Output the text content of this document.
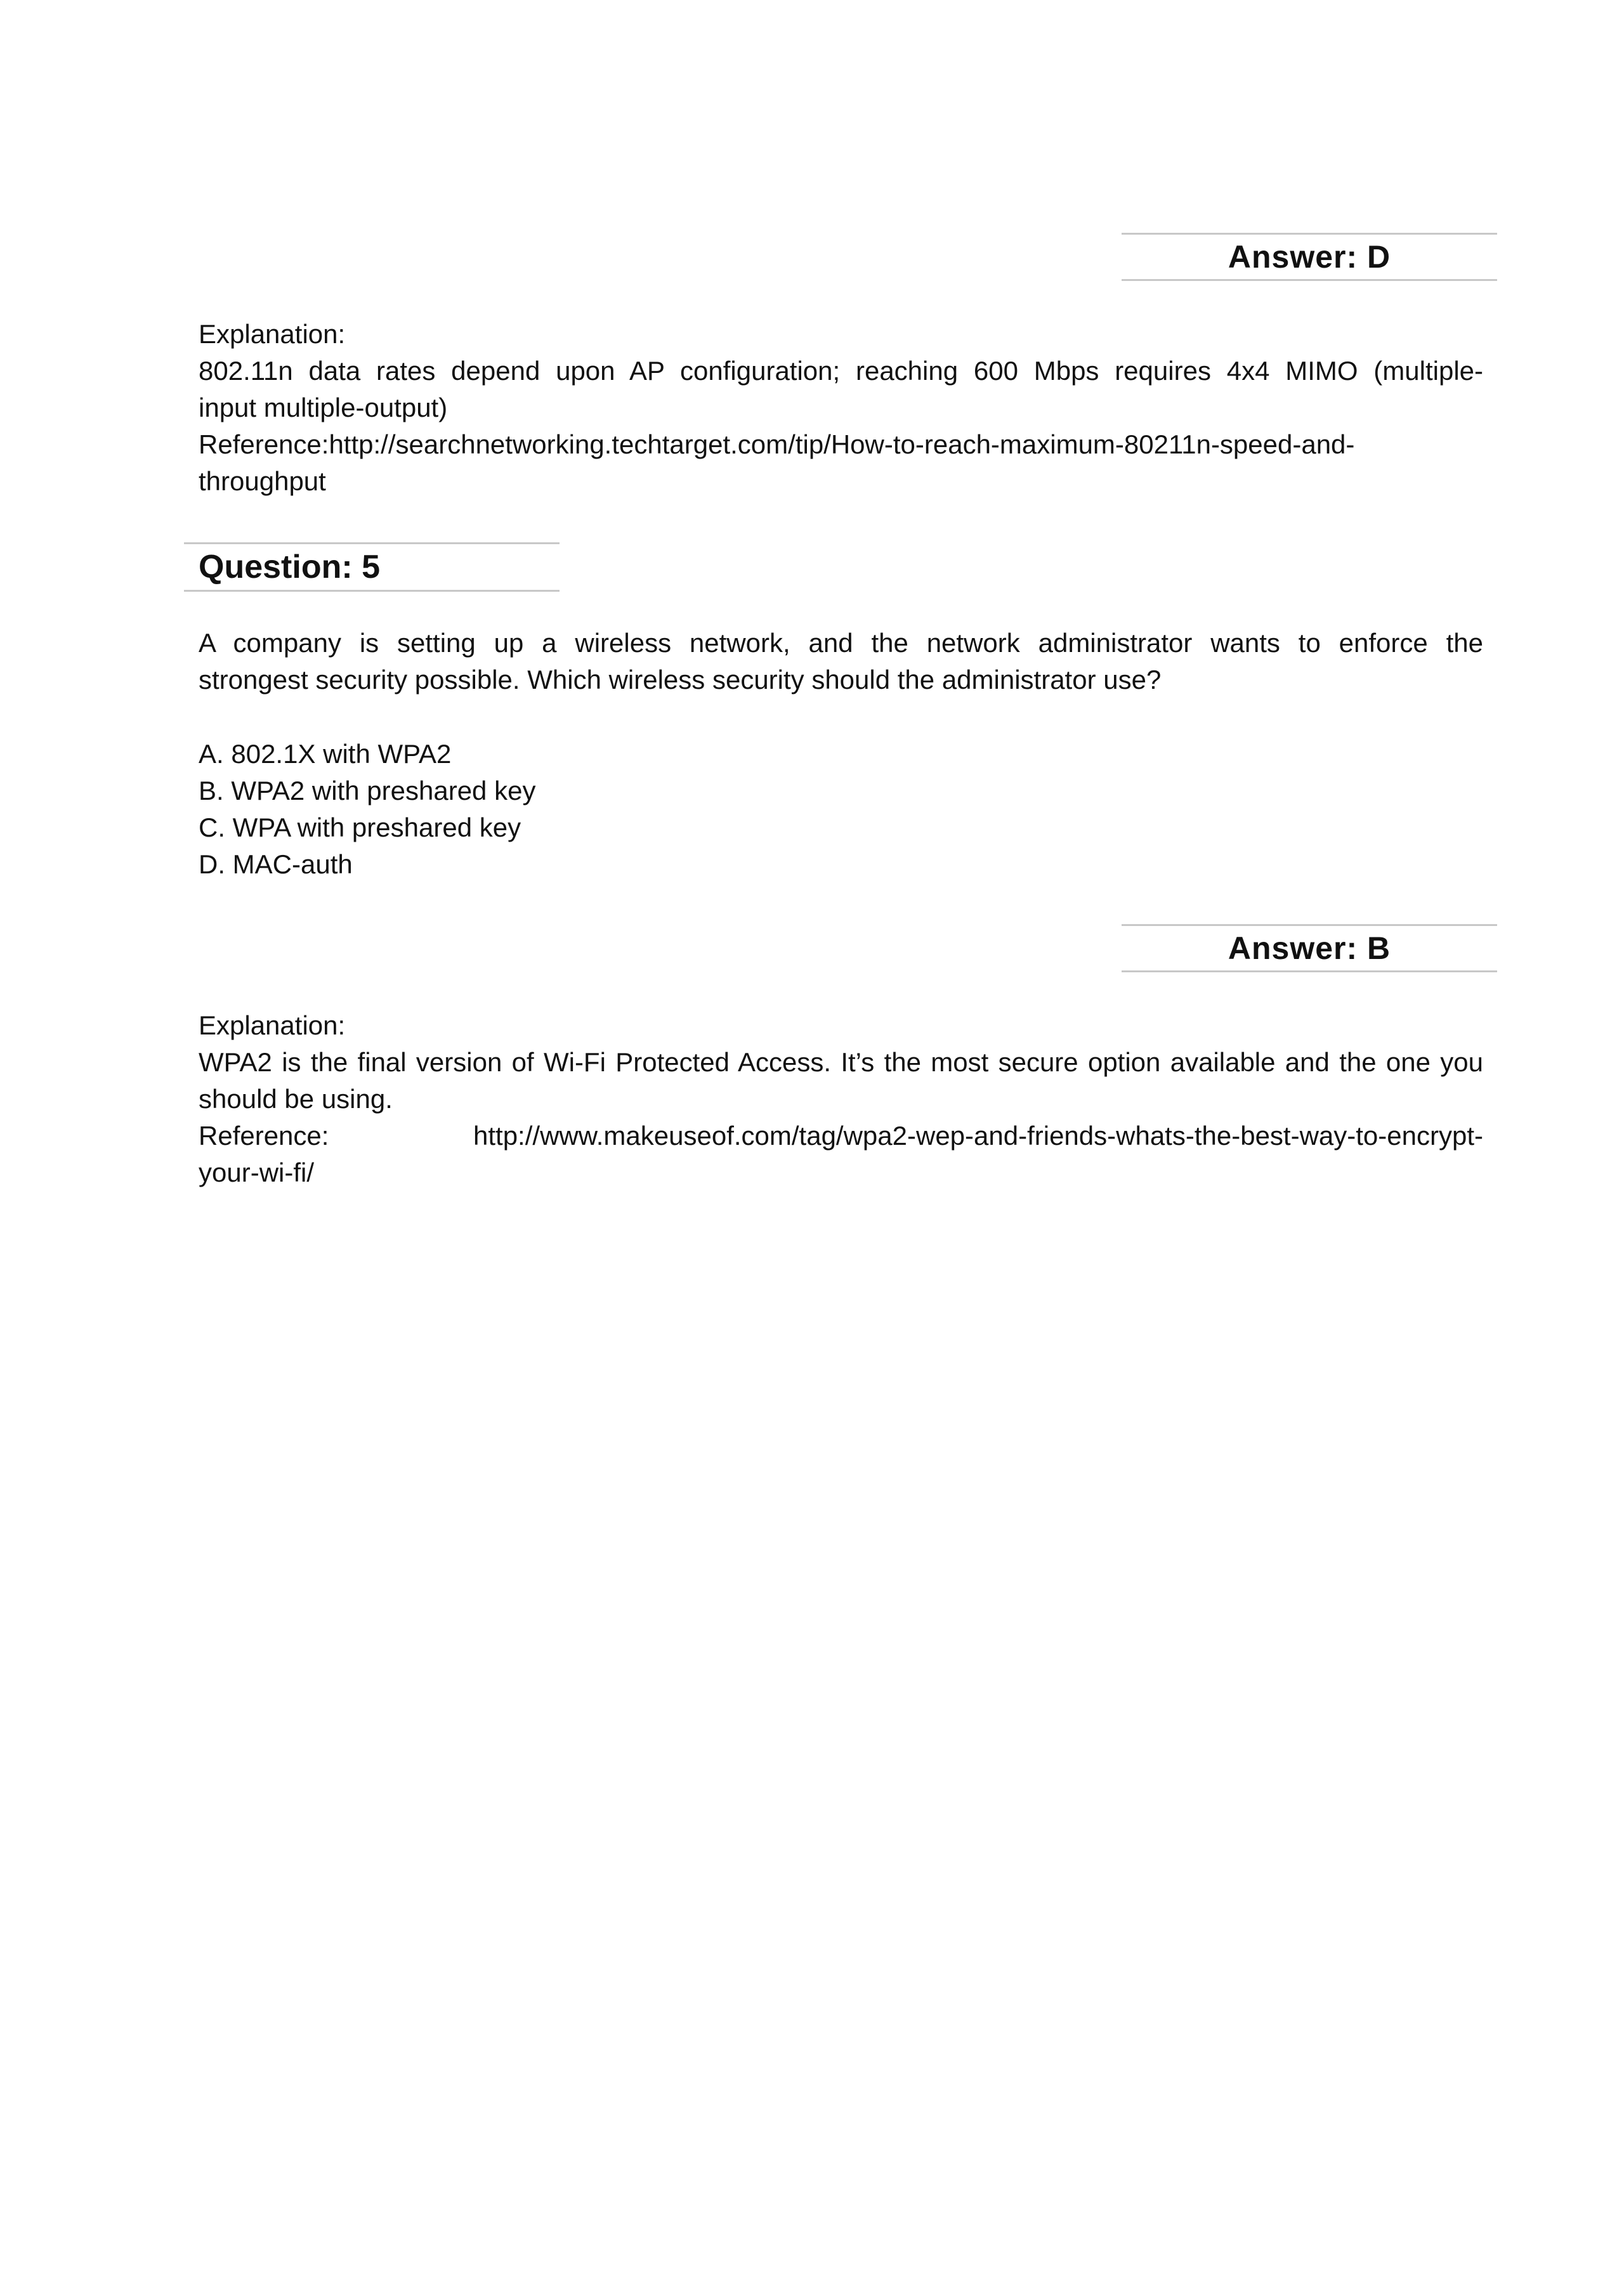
Answer: D
Explanation:
802.11n data rates depend upon AP configuration; reaching 600 Mbps requires 4x4 MIMO (multiple-
input multiple-output)
Reference:http://searchnetworking.techtarget.com/tip/How-to-reach-maximum-80211n-speed-and-
throughput
Question: 5
A company is setting up a wireless network, and the network administrator wants to enforce the
strongest security possible. Which wireless security should the administrator use?
A. 802.1X with WPA2
B. WPA2 with preshared key
C. WPA with preshared key
D. MAC-auth
Answer: B
Explanation:
WPA2 is the final version of Wi-Fi Protected Access. It’s the most secure option available and the one you
should be using.
Reference: http://www.makeuseof.com/tag/wpa2-wep-and-friends-whats-the-best-way-to-encrypt-
your-wi-fi/
